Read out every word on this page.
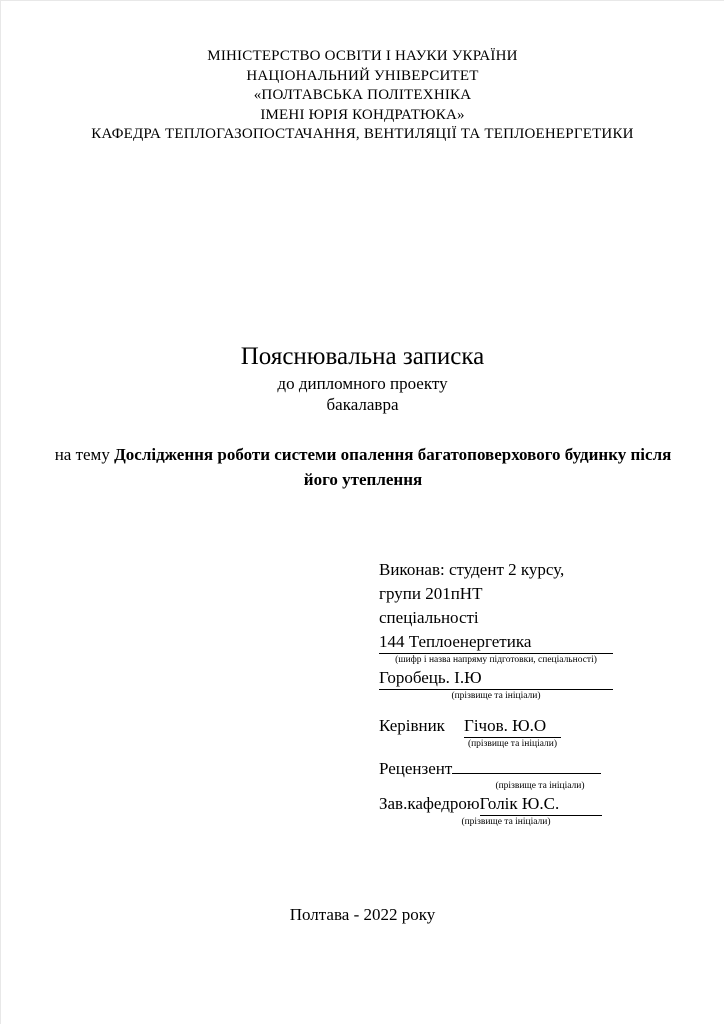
МІНІСТЕРСТВО ОСВІТИ І НАУКИ УКРАЇНИ
НАЦІОНАЛЬНИЙ УНІВЕРСИТЕТ
«ПОЛТАВСЬКА ПОЛІТЕХНІКА
ІМЕНІ ЮРІЯ КОНДРАТЮКА»
КАФЕДРА ТЕПЛОГАЗОПОСТАЧАННЯ, ВЕНТИЛЯЦІЇ ТА ТЕПЛОЕНЕРГЕТИКИ
Пояснювальна записка
до дипломного проекту
бакалавра
на тему Дослідження роботи системи опалення багатоповерхового будинку після його утеплення
Виконав: студент 2 курсу,
групи 201пНТ
спеціальності
144 Теплоенергетика
(шифр і назва напряму підготовки, спеціальності)
Горобець. І.Ю
(прізвище та ініціали)
Керівник	Гічов. Ю.О
(прізвище та ініціали)
Рецензент
(прізвище та ініціали)
Зав.кафедрою Голік Ю.С.
(прізвище та ініціали)
Полтава - 2022 року
